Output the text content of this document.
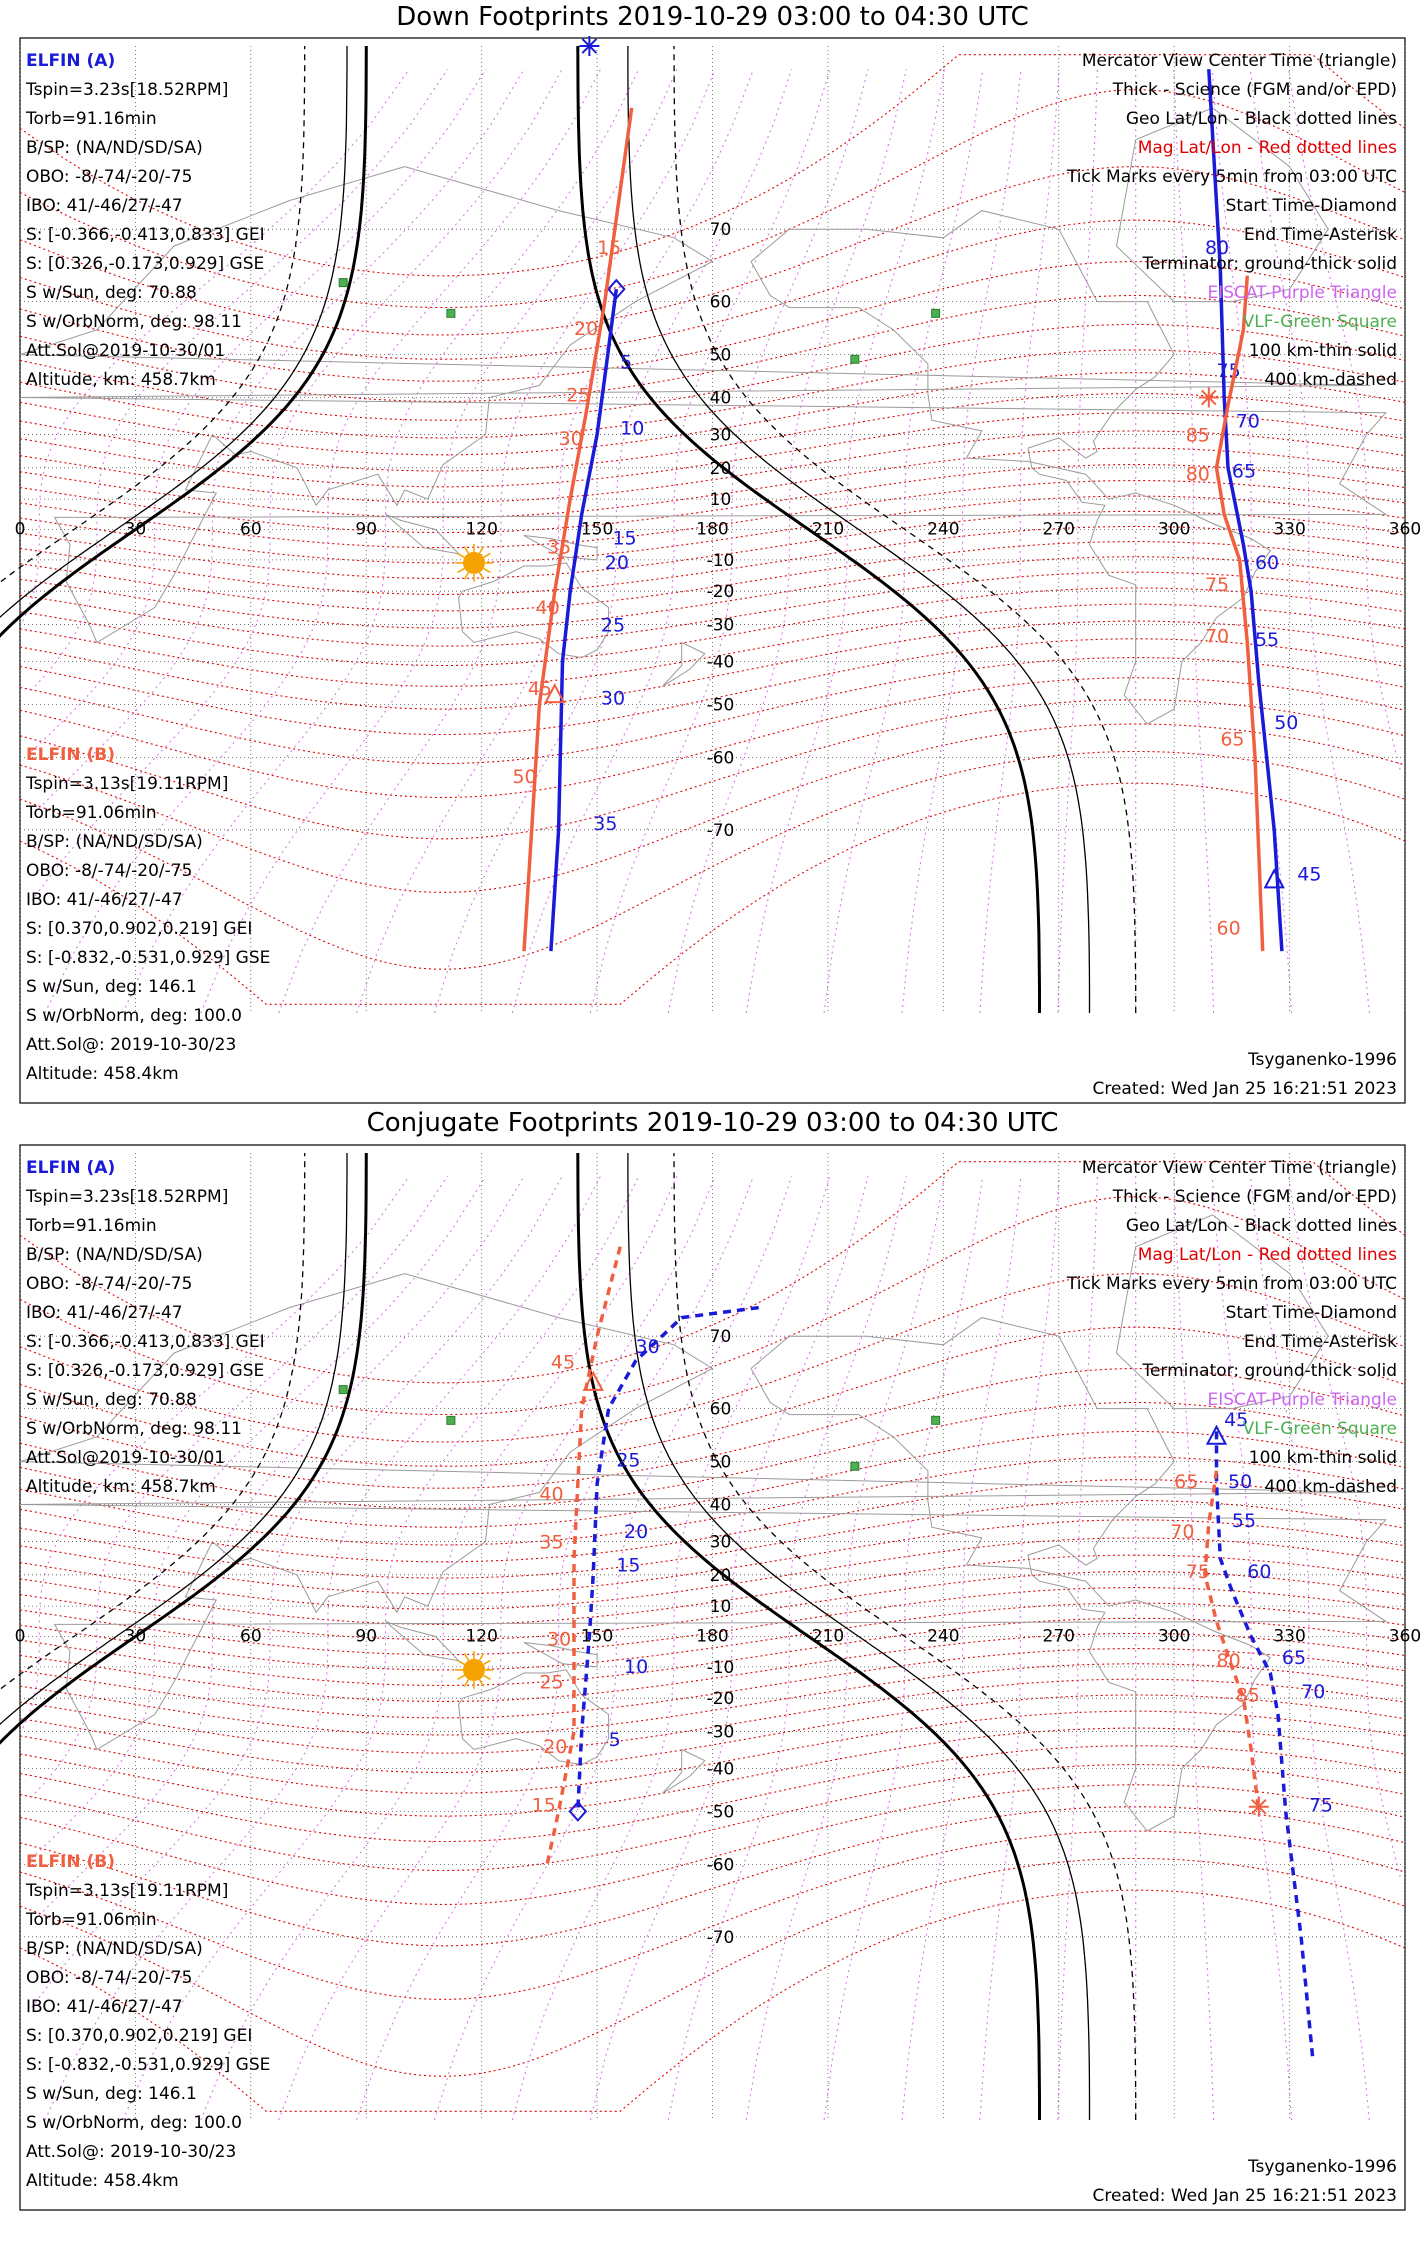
Down Footprints 2019-10-29 03:00 to 04:30 UTC
Conjugate Footprints 2019-10-29 03:00 to 04:30 UTC
0	30	60	90	120	150	180	210	240	270	300	330	360
70
60
50
40
30
20
10
-10
-20
-30
-40
-50
-60
-70
5
10
15
20
25
30
35
15
20
25
30
35
40
45
50
80
75
70
65
60
55
50
45
85
80
75
70
65
60
ELFIN (A)
Tspin=3.23s[18.52RPM]
Torb=91.16min
B/SP: (NA/ND/SD/SA)
OBO: -8/-74/-20/-75
IBO: 41/-46/27/-47
S: [-0.366,-0.413,0.833] GEI
S: [0.326,-0.173,0.929] GSE
S w/Sun, deg: 70.88
S w/OrbNorm, deg: 98.11
Att.Sol@2019-10-30/01
Altitude, km: 458.7km
ELFIN (B)
Tspin=3.13s[19.11RPM]
Torb=91.06min
B/SP: (NA/ND/SD/SA)
OBO: -8/-74/-20/-75
IBO: 41/-46/27/-47
S: [0.370,0.902,0.219] GEI
S: [-0.832,-0.531,0.929] GSE
S w/Sun, deg: 146.1
S w/OrbNorm, deg: 100.0
Att.Sol@: 2019-10-30/23
Altitude: 458.4km
Mercator View Center Time (triangle)
Thick - Science (FGM and/or EPD)
Geo Lat/Lon - Black dotted lines
Mag Lat/Lon - Red dotted lines
Tick Marks every 5min from 03:00 UTC
Start Time-Diamond
End Time-Asterisk
Terminator: ground-thick solid
EISCAT-Purple Triangle
VLF-Green Square
100 km-thin solid
400 km-dashed
Tsyganenko-1996
Created: Wed Jan 25 16:21:51 2023
0	30	60	90	120	150	180	210	240	270	300	330	360
70
60
50
40
30
20
10
-10
-20
-30
-40
-50
-60
-70
30
25
20
15
10
5
45
40
35
30
25
20
15
45
50
55
60
65
70
75
65
70
75
80
85
ELFIN (A)
Tspin=3.23s[18.52RPM]
Torb=91.16min
B/SP: (NA/ND/SD/SA)
OBO: -8/-74/-20/-75
IBO: 41/-46/27/-47
S: [-0.366,-0.413,0.833] GEI
S: [0.326,-0.173,0.929] GSE
S w/Sun, deg: 70.88
S w/OrbNorm, deg: 98.11
Att.Sol@2019-10-30/01
Altitude, km: 458.7km
ELFIN (B)
Tspin=3.13s[19.11RPM]
Torb=91.06min
B/SP: (NA/ND/SD/SA)
OBO: -8/-74/-20/-75
IBO: 41/-46/27/-47
S: [0.370,0.902,0.219] GEI
S: [-0.832,-0.531,0.929] GSE
S w/Sun, deg: 146.1
S w/OrbNorm, deg: 100.0
Att.Sol@: 2019-10-30/23
Altitude: 458.4km
Mercator View Center Time (triangle)
Thick - Science (FGM and/or EPD)
Geo Lat/Lon - Black dotted lines
Mag Lat/Lon - Red dotted lines
Tick Marks every 5min from 03:00 UTC
Start Time-Diamond
End Time-Asterisk
Terminator: ground-thick solid
EISCAT-Purple Triangle
VLF-Green Square
100 km-thin solid
400 km-dashed
Tsyganenko-1996
Created: Wed Jan 25 16:21:51 2023
